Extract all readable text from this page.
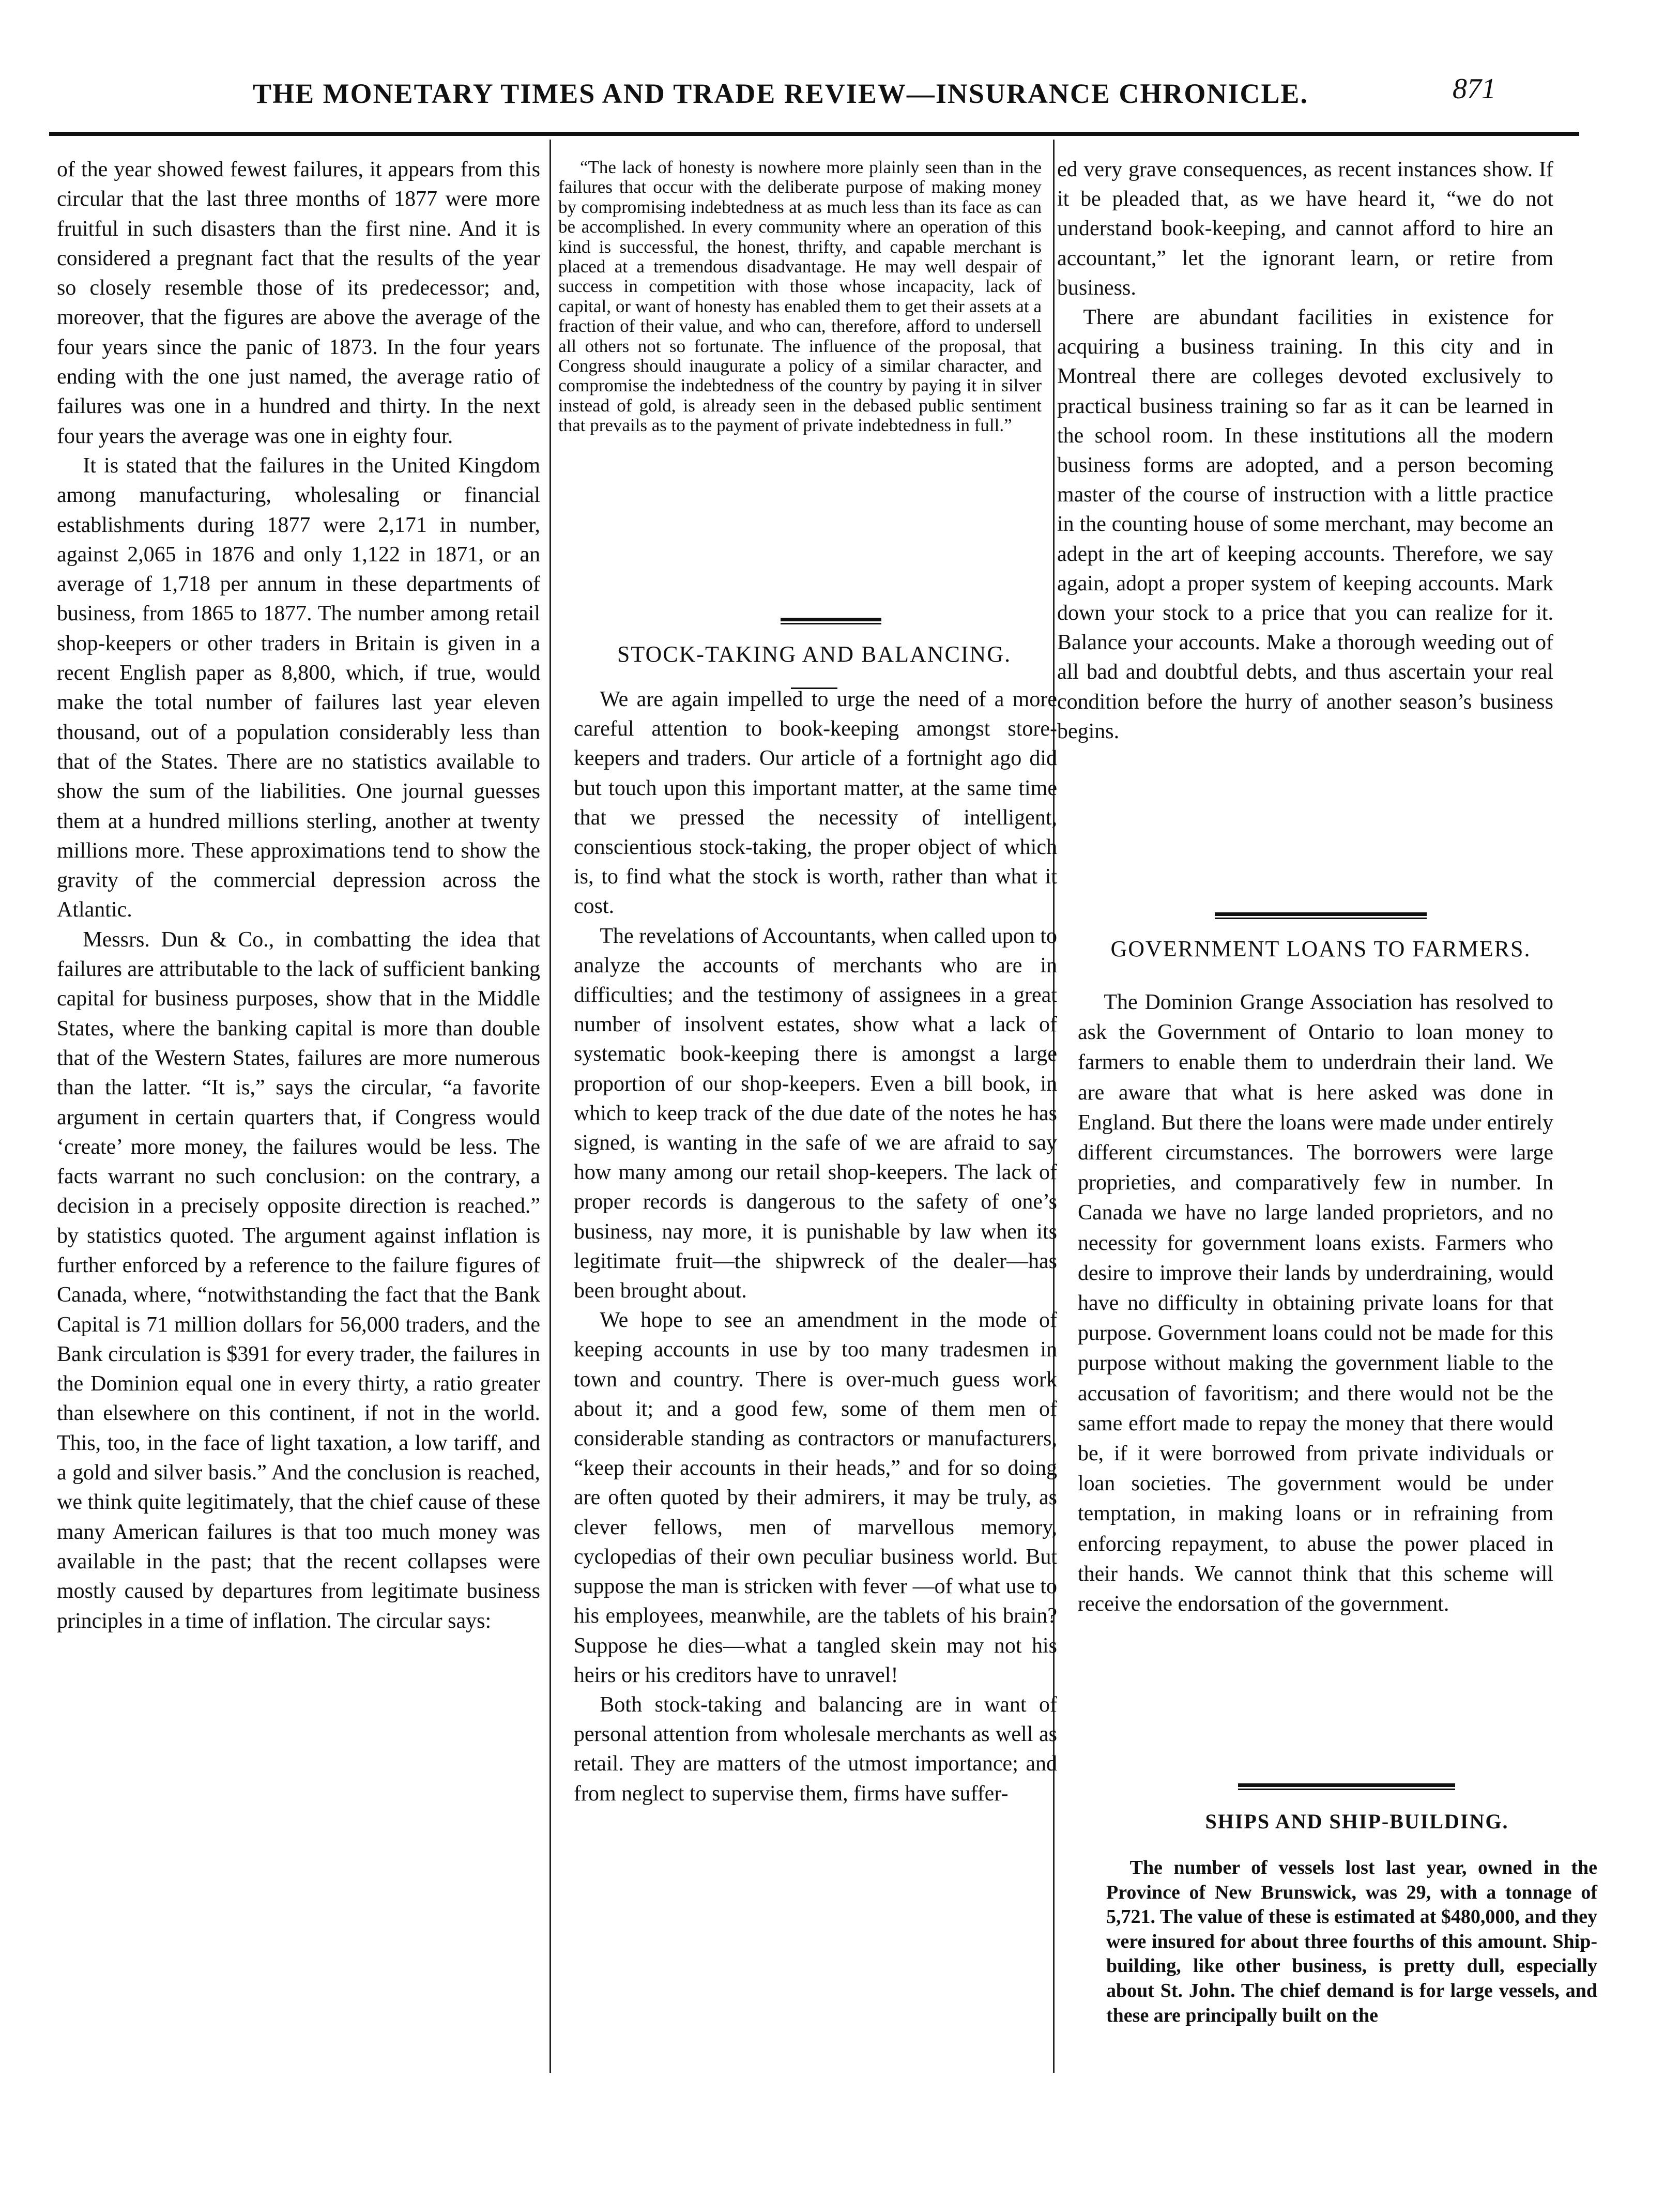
THE MONETARY TIMES AND TRADE REVIEW—INSURANCE CHRONICLE.	871

of the year showed fewest failures, it appears from this circular that the last three months of 1877 were more fruitful in such disasters than the first nine. And it is considered a pregnant fact that the results of the year so closely resemble those of its predecessor; and, moreover, that the figures are above the average of the four years since the panic of 1873. In the four years ending with the one just named, the average ratio of failures was one in a hundred and thirty. In the next four years the average was one in eighty four.

It is stated that the failures in the United Kingdom among manufacturing, wholesaling or financial establishments during 1877 were 2,171 in number, against 2,065 in 1876 and only 1,122 in 1871, or an average of 1,718 per annum in these departments of business, from 1865 to 1877. The number among retail shop-keepers or other traders in Britain is given in a recent English paper as 8,800, which, if true, would make the total number of failures last year eleven thousand, out of a population considerably less than that of the States. There are no statistics available to show the sum of the liabilities. One journal guesses them at a hundred millions sterling, another at twenty millions more. These approximations tend to show the gravity of the commercial depression across the Atlantic.

Messrs. Dun & Co., in combatting the idea that failures are attributable to the lack of sufficient banking capital for business purposes, show that in the Middle States, where the banking capital is more than double that of the Western States, failures are more numerous than the latter. “It is,” says the circular, “a favorite argument in certain quarters that, if Congress would ‘create’ more money, the failures would be less. The facts warrant no such conclusion: on the contrary, a decision in a precisely opposite direction is reached.” by statistics quoted. The argument against inflation is further enforced by a reference to the failure figures of Canada, where, “notwithstanding the fact that the Bank Capital is 71 million dollars for 56,000 traders, and the Bank circulation is $391 for every trader, the failures in the Dominion equal one in every thirty, a ratio greater than elsewhere on this continent, if not in the world. This, too, in the face of light taxation, a low tariff, and a gold and silver basis.” And the conclusion is reached, we think quite legitimately, that the chief cause of these many American failures is that too much money was available in the past; that the recent collapses were mostly caused by departures from legitimate business principles in a time of inflation. The circular says:

“The lack of honesty is nowhere more plainly seen than in the failures that occur with the deliberate purpose of making money by compromising indebtedness at as much less than its face as can be accomplished. In every community where an operation of this kind is successful, the honest, thrifty, and capable merchant is placed at a tremendous disadvantage. He may well despair of success in competition with those whose incapacity, lack of capital, or want of honesty has enabled them to get their assets at a fraction of their value, and who can, therefore, afford to undersell all others not so fortunate. The influence of the proposal, that Congress should inaugurate a policy of a similar character, and compromise the indebtedness of the country by paying it in silver instead of gold, is already seen in the debased public sentiment that prevails as to the payment of private indebtedness in full.”

STOCK-TAKING AND BALANCING.

We are again impelled to urge the need of a more careful attention to book-keeping amongst store-keepers and traders. Our article of a fortnight ago did but touch upon this important matter, at the same time that we pressed the necessity of intelligent, conscientious stock-taking, the proper object of which is, to find what the stock is worth, rather than what it cost.

The revelations of Accountants, when called upon to analyze the accounts of merchants who are in difficulties; and the testimony of assignees in a great number of insolvent estates, show what a lack of systematic book-keeping there is amongst a large proportion of our shop-keepers. Even a bill book, in which to keep track of the due date of the notes he has signed, is wanting in the safe of we are afraid to say how many among our retail shop-keepers. The lack of proper records is dangerous to the safety of one’s business, nay more, it is punishable by law when its legitimate fruit—the shipwreck of the dealer—has been brought about.

We hope to see an amendment in the mode of keeping accounts in use by too many tradesmen in town and country. There is over-much guess work about it; and a good few, some of them men of considerable standing as contractors or manufacturers, “keep their accounts in their heads,” and for so doing are often quoted by their admirers, it may be truly, as clever fellows, men of marvellous memory, cyclopedias of their own peculiar business world. But suppose the man is stricken with fever —of what use to his employees, meanwhile, are the tablets of his brain? Suppose he dies—what a tangled skein may not his heirs or his creditors have to unravel!

Both stock-taking and balancing are in want of personal attention from wholesale merchants as well as retail. They are matters of the utmost importance; and from neglect to supervise them, firms have suffer-

ed very grave consequences, as recent instances show. If it be pleaded that, as we have heard it, “we do not understand book-keeping, and cannot afford to hire an accountant,” let the ignorant learn, or retire from business.

There are abundant facilities in existence for acquiring a business training. In this city and in Montreal there are colleges devoted exclusively to practical business training so far as it can be learned in the school room. In these institutions all the modern business forms are adopted, and a person becoming master of the course of instruction with a little practice in the counting house of some merchant, may become an adept in the art of keeping accounts. Therefore, we say again, adopt a proper system of keeping accounts. Mark down your stock to a price that you can realize for it. Balance your accounts. Make a thorough weeding out of all bad and doubtful debts, and thus ascertain your real condition before the hurry of another season’s business begins.

GOVERNMENT LOANS TO FARMERS.

The Dominion Grange Association has resolved to ask the Government of Ontario to loan money to farmers to enable them to underdrain their land. We are aware that what is here asked was done in England. But there the loans were made under entirely different circumstances. The borrowers were large proprieties, and comparatively few in number. In Canada we have no large landed proprietors, and no necessity for government loans exists. Farmers who desire to improve their lands by underdraining, would have no difficulty in obtaining private loans for that purpose. Government loans could not be made for this purpose without making the government liable to the accusation of favoritism; and there would not be the same effort made to repay the money that there would be, if it were borrowed from private individuals or loan societies. The government would be under temptation, in making loans or in refraining from enforcing repayment, to abuse the power placed in their hands. We cannot think that this scheme will receive the endorsation of the government.

SHIPS AND SHIP-BUILDING.

The number of vessels lost last year, owned in the Province of New Brunswick, was 29, with a tonnage of 5,721. The value of these is estimated at $480,000, and they were insured for about three fourths of this amount. Ship-building, like other business, is pretty dull, especially about St. John. The chief demand is for large vessels, and these are principally built on the
